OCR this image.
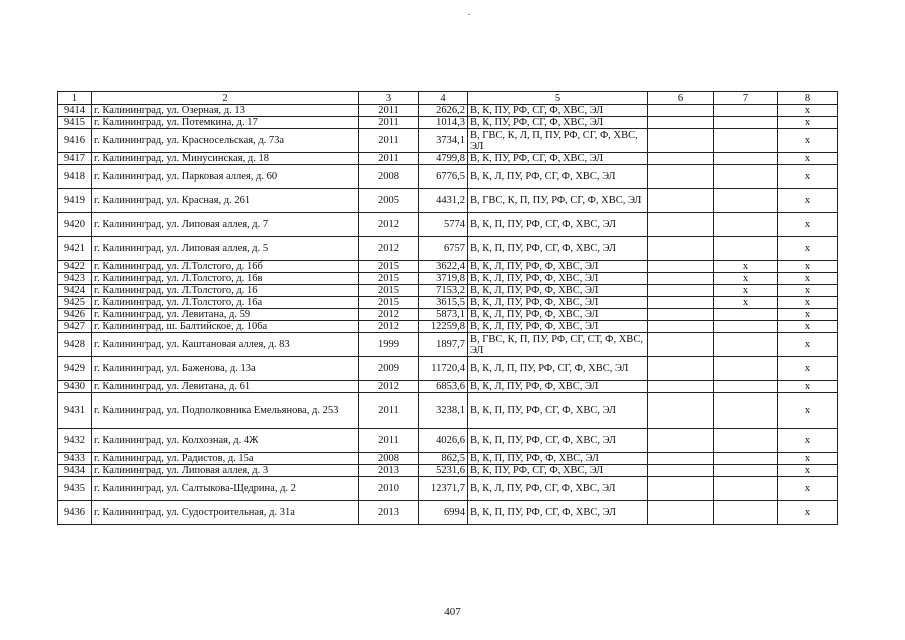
1	2	3	4	5	6	7	8
9414	г. Калининград, ул. Озерная, д. 13	2011	2626,2	В, К, ПУ, РФ, СГ, Ф, ХВС, ЭЛ			x
9415	г. Калининград, ул. Потемкина, д. 17	2011	1014,3	В, К, ПУ, РФ, СГ, Ф, ХВС, ЭЛ			x
9416	г. Калининград, ул. Красносельская, д. 73а	2011	3734,1	В, ГВС, К, Л, П, ПУ, РФ, СГ, Ф, ХВС, ЭЛ			x
9417	г. Калининград, ул. Минусинская, д. 18	2011	4799,8	В, К, ПУ, РФ, СГ, Ф, ХВС, ЭЛ			x
9418	г. Калининград, ул. Парковая аллея, д. 60	2008	6776,5	В, К, Л, ПУ, РФ, СГ, Ф, ХВС, ЭЛ			x
9419	г. Калининград, ул. Красная, д. 261	2005	4431,2	В, ГВС, К, П, ПУ, РФ, СГ, Ф, ХВС, ЭЛ			x
9420	г. Калининград, ул. Липовая аллея, д. 7	2012	5774	В, К, П, ПУ, РФ, СГ, Ф, ХВС, ЭЛ			x
9421	г. Калининград, ул. Липовая аллея, д. 5	2012	6757	В, К, П, ПУ, РФ, СГ, Ф, ХВС, ЭЛ			x
9422	г. Калининград, ул. Л.Толстого, д. 16б	2015	3622,4	В, К, Л, ПУ, РФ, Ф, ХВС, ЭЛ		x	x
9423	г. Калининград, ул. Л.Толстого, д. 16в	2015	3719,8	В, К, Л, ПУ, РФ, Ф, ХВС, ЭЛ		x	x
9424	г. Калининград, ул. Л.Толстого, д. 16	2015	7153,2	В, К, Л, ПУ, РФ, Ф, ХВС, ЭЛ		x	x
9425	г. Калининград, ул. Л.Толстого, д. 16а	2015	3615,5	В, К, Л, ПУ, РФ, Ф, ХВС, ЭЛ		x	x
9426	г. Калининград, ул. Левитана, д. 59	2012	5873,1	В, К, Л, ПУ, РФ, Ф, ХВС, ЭЛ			x
9427	г. Калининград, ш. Балтийское, д. 106а	2012	12259,8	В, К, Л, ПУ, РФ, Ф, ХВС, ЭЛ			x
9428	г. Калининград, ул. Каштановая аллея, д. 83	1999	1897,7	В, ГВС, К, П, ПУ, РФ, СГ, СТ, Ф, ХВС, ЭЛ			x
9429	г. Калининград, ул. Баженова, д. 13а	2009	11720,4	В, К, Л, П, ПУ, РФ, СГ, Ф, ХВС, ЭЛ			x
9430	г. Калининград, ул. Левитана, д. 61	2012	6853,6	В, К, Л, ПУ, РФ, Ф, ХВС, ЭЛ			x
9431	г. Калининград, ул. Подполковника Емельянова, д. 253	2011	3238,1	В, К, П, ПУ, РФ, СГ, Ф, ХВС, ЭЛ			x
9432	г. Калининград, ул. Колхозная, д. 4Ж	2011	4026,6	В, К, П, ПУ, РФ, СГ, Ф, ХВС, ЭЛ			x
9433	г. Калининград, ул. Радистов, д. 15а	2008	862,5	В, К, П, ПУ, РФ, Ф, ХВС, ЭЛ			x
9434	г. Калининград, ул. Липовая аллея, д. 3	2013	5231,6	В, К, ПУ, РФ, СГ, Ф, ХВС, ЭЛ			x
9435	г. Калининград, ул. Салтыкова-Щедрина, д. 2	2010	12371,7	В, К, Л, ПУ, РФ, СГ, Ф, ХВС, ЭЛ			x
9436	г. Калининград, ул. Судостроительная, д. 31а	2013	6994	В, К, П, ПУ, РФ, СГ, Ф, ХВС, ЭЛ			x
407
